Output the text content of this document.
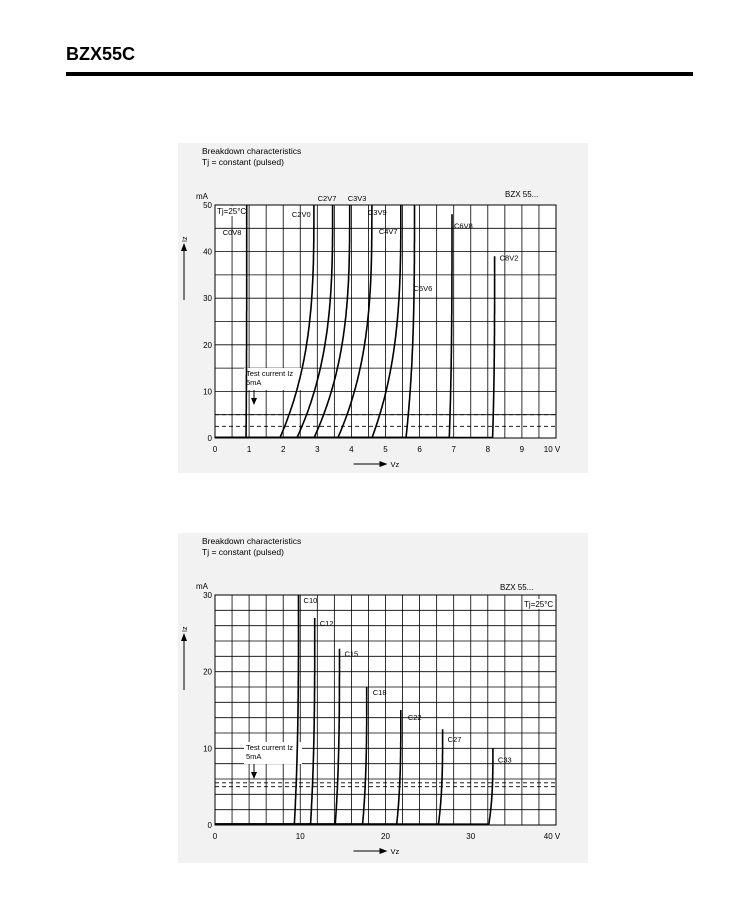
BZX55C
Breakdown characteristics
Tj = constant (pulsed)
BZX 55...
Tj=25°C
mA
Iz
0
10
20
30
40
50
0	1	2	3	4	5	6	7	8	9 10 V
Vz
Test current Iz
5mA
C0V8
C2V0
C2V7 C3V3
C3V9
C4V7
C5V6
C6V8
C8V2
Breakdown characteristics
Tj = constant (pulsed)
BZX 55...
Tj=25°C
mA
Iz
0
10
20
30
0	10	20	30	40 V
Vz
Test current Iz
5mA
C10
C12
C15
C18
C22
C27
C33
